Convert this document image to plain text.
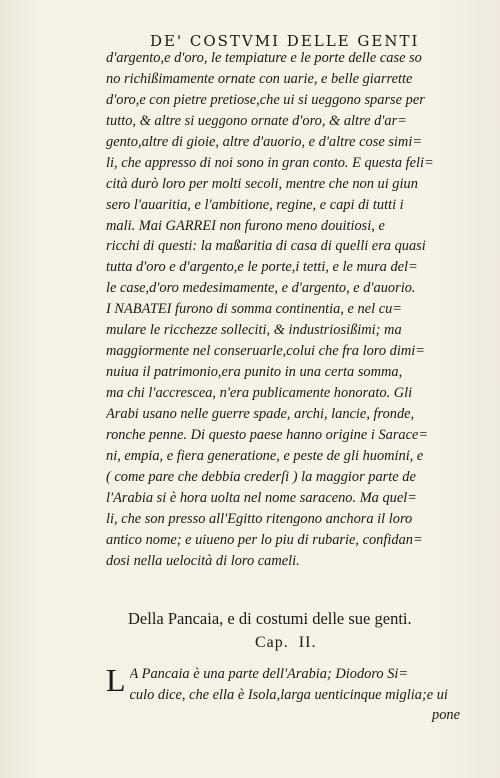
DE' COSTVMI DELLE GENTI
d'argento,e d'oro, le tempiature e le porte delle case so
no richißimamente ornate con uarie, e belle giarrette
d'oro,e con pietre pretiose,che ui si ueggono sparse per
tutto, & altre si ueggono ornate d'oro, & altre d'ar=
gento,altre di gioie, altre d'auorio, e d'altre cose simi=
li, che appresso di noi sono in gran conto. E questa feli=
cità durò loro per molti secoli, mentre che non ui giun
sero l'auaritia, e l'ambitione, regine, e capi di tutti i
mali. Mai GARREI non furono meno douitiosi, e
ricchi di questi: la maßaritia di casa di quelli era quasi
tutta d'oro e d'argento,e le porte,i tetti, e le mura del=
le case,d'oro medesimamente, e d'argento, e d'auorio.
I NABATEI furono di somma continentia, e nel cu=
mulare le ricchezze solleciti, & industriosißimi; ma
maggiormente nel conseruarle,colui che fra loro dimi=
nuiua il patrimonio,era punito in una certa somma,
ma chi l'accresceа, n'era publicamente honorato. Gli
Arabi usano nelle guerre spade, archi, lancie, fronde,
ronche penne. Di questo paese hanno origine i Saracе=
ni, empia, e fiera generatione, e peste de gli huomini, e
( come pare che debbia crederſi ) la maggior parte de
l'Arabia si è hora uolta nel nome saraceno. Ma quel=
li, che son presso all'Egitto ritengono anchora il loro
antico nome; e uiueno per lo piu di rubarie, confidan=
dosi nella uelocità di loro cameli.
Della Pancaia, e di costumi delle sue genti.
Cap. II.
L A Pancaia è una parte dell'Arabia; Diodoro Si=
culo dice, che ella è Isola,larga uenticinque miglia;e ui
pone
